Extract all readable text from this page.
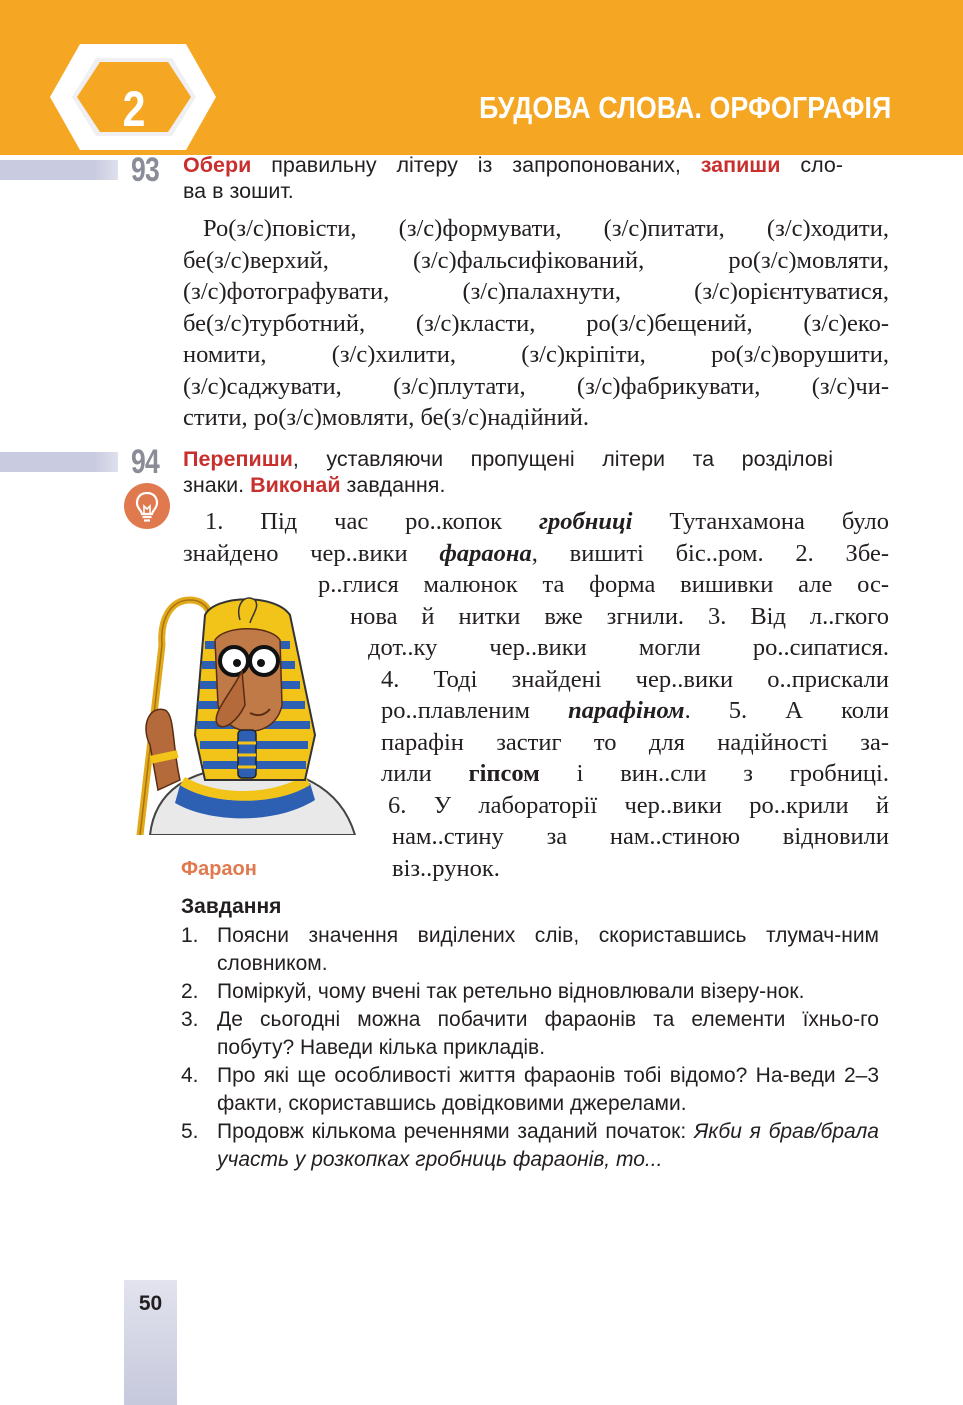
2	БУДОВА СЛОВА. ОРФОГРАФІЯ
93 Обери правильну літеру із запропонованих, запиши сло-
ва в зошит.
Ро(з/с)повісти, (з/с)формувати, (з/с)питати, (з/с)ходити,
бе(з/с)верхий, (з/с)фальсифікований, ро(з/с)мовляти,
(з/с)фотографувати, (з/с)палахнути, (з/с)орієнтуватися,
бе(з/с)турботний, (з/с)класти, ро(з/с)бещений, (з/с)еко-
номити, (з/с)хилити, (з/с)кріпіти, ро(з/с)ворушити,
(з/с)саджувати, (з/с)плутати, (з/с)фабрикувати, (з/с)чи-
стити, ро(з/с)мовляти, бе(з/с)надійний.
94 Перепиши, уставляючи пропущені літери та розділові
знаки. Виконай завдання.
1. Під час ро..копок гробниці Тутанхамона було
знайдено чер..вики фараона, вишиті біс..ром. 2. Збе-
р..глися малюнок та форма вишивки але ос-
нова й нитки вже згнили. 3. Від л..гкого
дот..ку чер..вики могли ро..сипатися.
4. Тоді знайдені чер..вики о..прискали
ро..плавленим парафіном. 5. А коли
парафін застиг то для надійності за-
лили гіпсом і вин..сли з гробниці.
6. У лабораторії чер..вики ро..крили й
нам..стину за нам..стиною відновили
віз..рунок.
Фараон
Завдання
1. Поясни значення виділених слів, скориставшись тлумач-ним словником.
2. Поміркуй, чому вчені так ретельно відновлювали візеру-нок.
3. Де сьогодні можна побачити фараонів та елементи їхньо-го побуту? Наведи кілька прикладів.
4. Про які ще особливості життя фараонів тобі відомо? На-веди 2–3 факти, скориставшись довідковими джерелами.
5. Продовж кількома реченнями заданий початок: Якби я брав/брала участь у розкопках гробниць фараонів, то...
50
